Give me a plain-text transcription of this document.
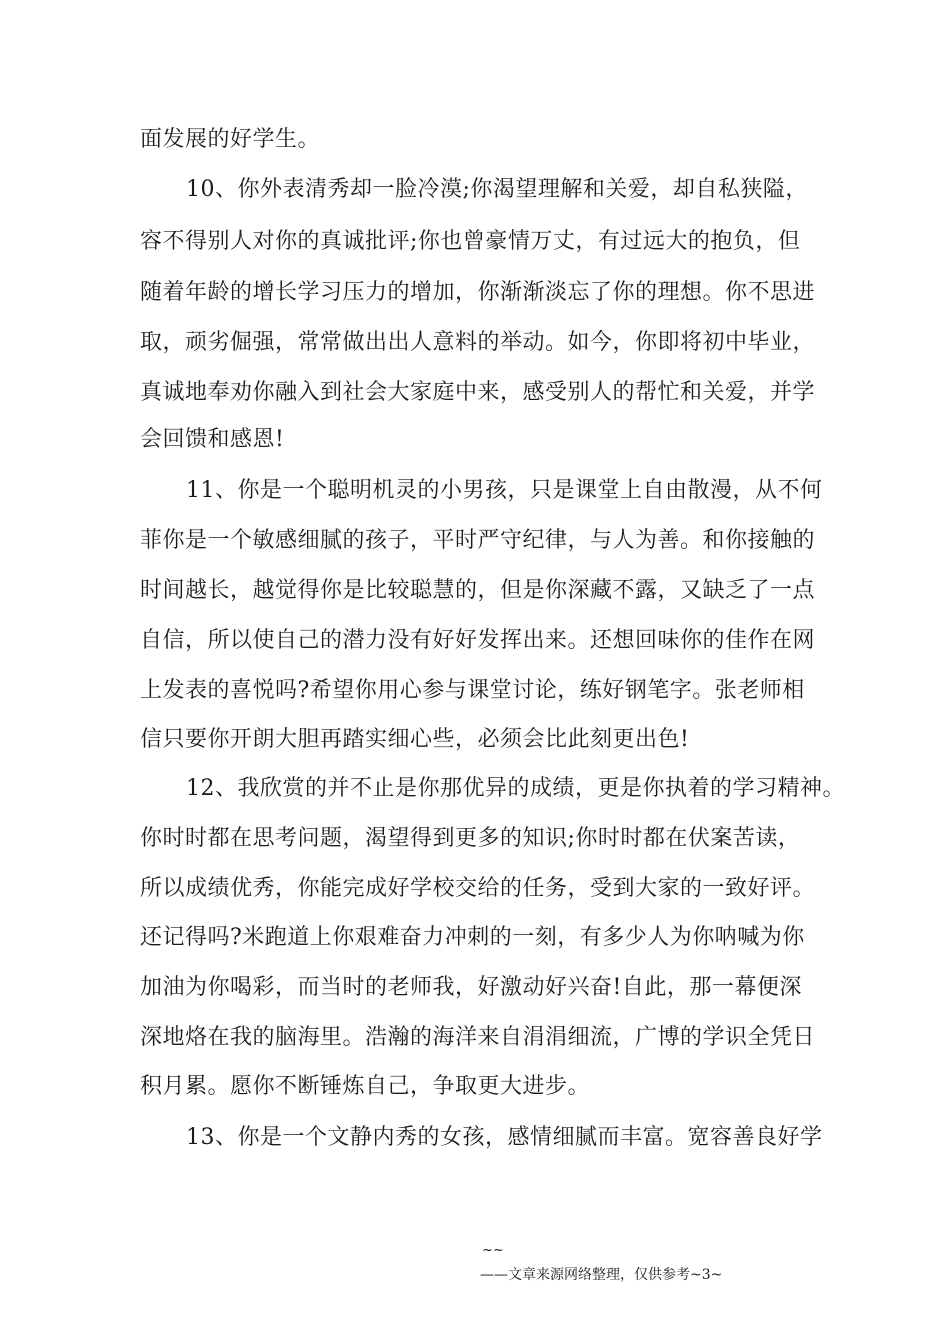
面发展的好学生。
10、你外表清秀却一脸冷漠;你渴望理解和关爱，却自私狭隘，
容不得别人对你的真诚批评;你也曾豪情万丈，有过远大的抱负，但
随着年龄的增长学习压力的增加，你渐渐淡忘了你的理想。你不思进
取，顽劣倔强，常常做出出人意料的举动。如今，你即将初中毕业，
真诚地奉劝你融入到社会大家庭中来，感受别人的帮忙和关爱，并学
会回馈和感恩!
11、你是一个聪明机灵的小男孩，只是课堂上自由散漫，从不何
菲你是一个敏感细腻的孩子，平时严守纪律，与人为善。和你接触的
时间越长，越觉得你是比较聪慧的，但是你深藏不露，又缺乏了一点
自信，所以使自己的潜力没有好好发挥出来。还想回味你的佳作在网
上发表的喜悦吗?希望你用心参与课堂讨论，练好钢笔字。张老师相
信只要你开朗大胆再踏实细心些，必须会比此刻更出色!
12、我欣赏的并不止是你那优异的成绩，更是你执着的学习精神。
你时时都在思考问题，渴望得到更多的知识;你时时都在伏案苦读，
所以成绩优秀，你能完成好学校交给的任务，受到大家的一致好评。
还记得吗?米跑道上你艰难奋力冲刺的一刻，有多少人为你呐喊为你
加油为你喝彩，而当时的老师我，好激动好兴奋!自此，那一幕便深
深地烙在我的脑海里。浩瀚的海洋来自涓涓细流，广博的学识全凭日
积月累。愿你不断锤炼自己，争取更大进步。
13、你是一个文静内秀的女孩，感情细腻而丰富。宽容善良好学
~~
——文章来源网络整理，仅供参考~3~
